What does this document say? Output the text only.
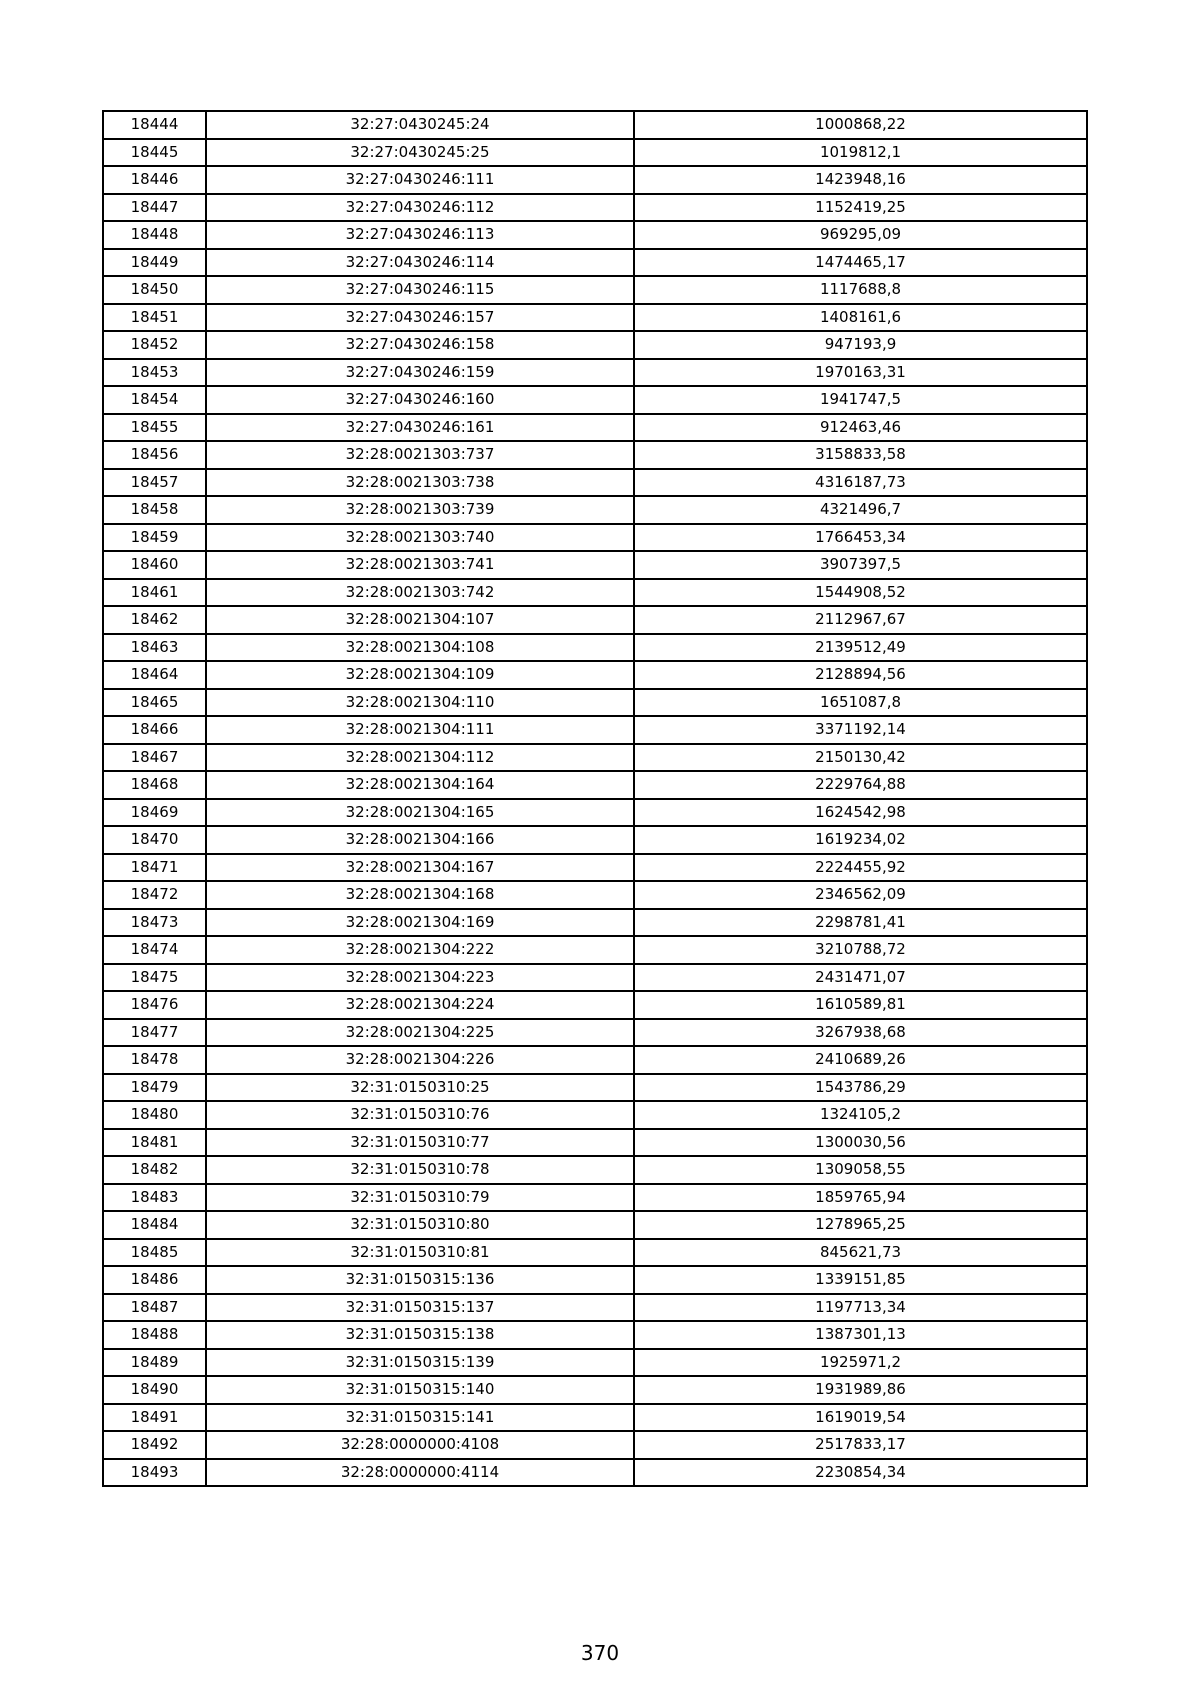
18444	32:27:0430245:24	1000868,22
18445	32:27:0430245:25	1019812,1
18446	32:27:0430246:111	1423948,16
18447	32:27:0430246:112	1152419,25
18448	32:27:0430246:113	969295,09
18449	32:27:0430246:114	1474465,17
18450	32:27:0430246:115	1117688,8
18451	32:27:0430246:157	1408161,6
18452	32:27:0430246:158	947193,9
18453	32:27:0430246:159	1970163,31
18454	32:27:0430246:160	1941747,5
18455	32:27:0430246:161	912463,46
18456	32:28:0021303:737	3158833,58
18457	32:28:0021303:738	4316187,73
18458	32:28:0021303:739	4321496,7
18459	32:28:0021303:740	1766453,34
18460	32:28:0021303:741	3907397,5
18461	32:28:0021303:742	1544908,52
18462	32:28:0021304:107	2112967,67
18463	32:28:0021304:108	2139512,49
18464	32:28:0021304:109	2128894,56
18465	32:28:0021304:110	1651087,8
18466	32:28:0021304:111	3371192,14
18467	32:28:0021304:112	2150130,42
18468	32:28:0021304:164	2229764,88
18469	32:28:0021304:165	1624542,98
18470	32:28:0021304:166	1619234,02
18471	32:28:0021304:167	2224455,92
18472	32:28:0021304:168	2346562,09
18473	32:28:0021304:169	2298781,41
18474	32:28:0021304:222	3210788,72
18475	32:28:0021304:223	2431471,07
18476	32:28:0021304:224	1610589,81
18477	32:28:0021304:225	3267938,68
18478	32:28:0021304:226	2410689,26
18479	32:31:0150310:25	1543786,29
18480	32:31:0150310:76	1324105,2
18481	32:31:0150310:77	1300030,56
18482	32:31:0150310:78	1309058,55
18483	32:31:0150310:79	1859765,94
18484	32:31:0150310:80	1278965,25
18485	32:31:0150310:81	845621,73
18486	32:31:0150315:136	1339151,85
18487	32:31:0150315:137	1197713,34
18488	32:31:0150315:138	1387301,13
18489	32:31:0150315:139	1925971,2
18490	32:31:0150315:140	1931989,86
18491	32:31:0150315:141	1619019,54
18492	32:28:0000000:4108	2517833,17
18493	32:28:0000000:4114	2230854,34
370
